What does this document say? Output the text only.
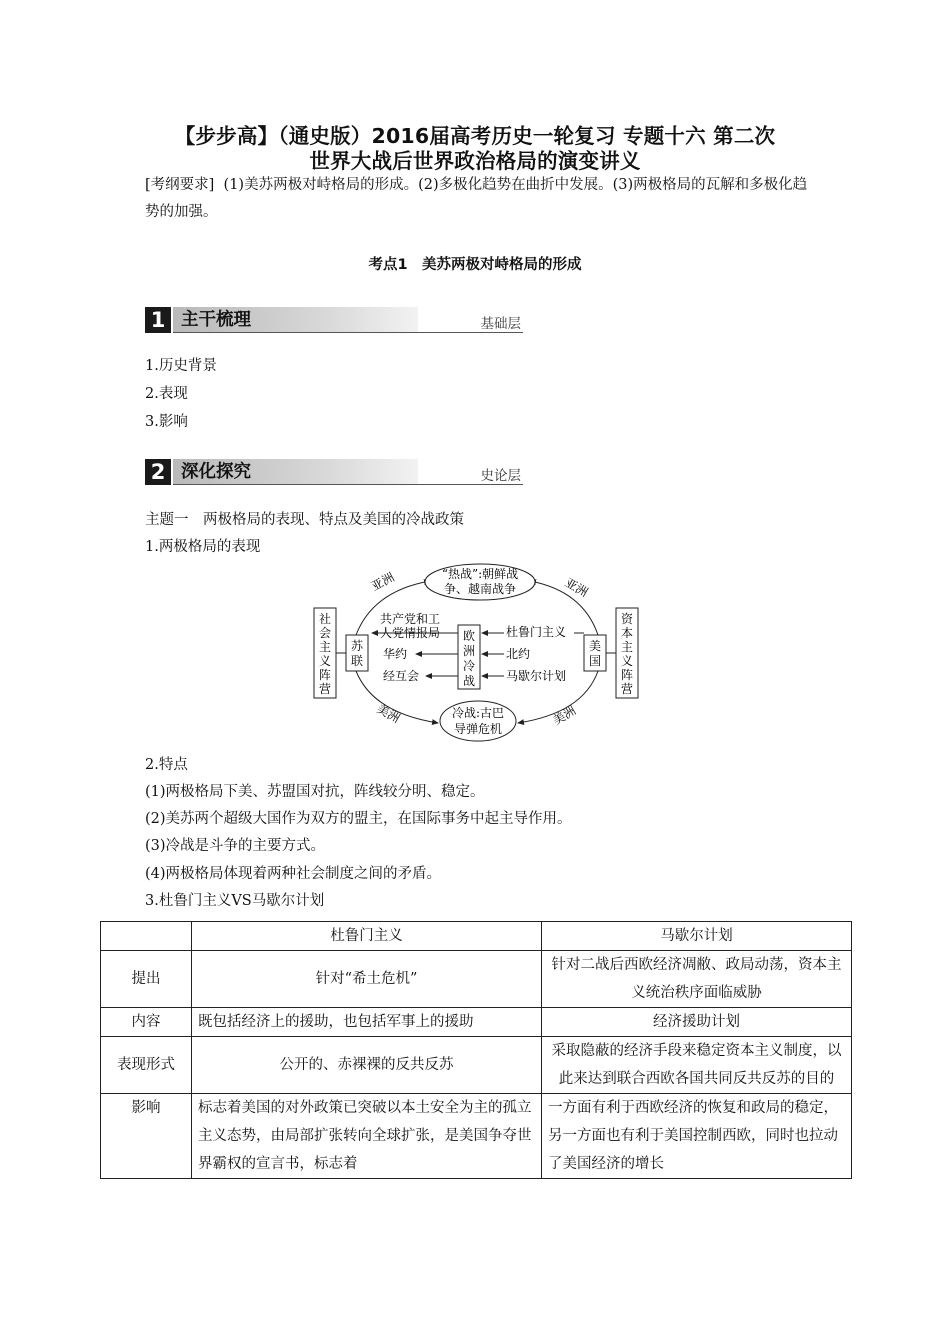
【步步高】（通史版）2016届高考历史一轮复习 专题十六 第二次
世界大战后世界政治格局的演变讲义
[考纲要求] (1)美苏两极对峙格局的形成。(2)多极化趋势在曲折中发展。(3)两极格局的瓦解和多极化趋势的加强。
考点1　美苏两极对峙格局的形成
1 主干梳理	基础层
1.历史背景
2.表现
3.影响
2 深化探究	史论层
主题一　两极格局的表现、特点及美国的冷战政策
1.两极格局的表现
“热战”:朝鲜战
争、越南战争
冷战:古巴
导弹危机
亚洲	亚洲
美洲	美洲
社
会
主
义
阵
营
资
本
主
义
阵
营
苏
联
美
国
欧
洲
冷
战
共产党和工
人党情报局
华约
经互会
杜鲁门主义
北约
马歇尔计划
2.特点
(1)两极格局下美、苏盟国对抗，阵线较分明、稳定。
(2)美苏两个超级大国作为双方的盟主，在国际事务中起主导作用。
(3)冷战是斗争的主要方式。
(4)两极格局体现着两种社会制度之间的矛盾。
3.杜鲁门主义VS马歇尔计划
	杜鲁门主义	马歇尔计划
提出	针对“希土危机”	针对二战后西欧经济凋敝、政局动荡，资本主义统治秩序面临威胁
内容	既包括经济上的援助，也包括军事上的援助	经济援助计划
表现形式	公开的、赤裸裸的反共反苏	采取隐蔽的经济手段来稳定资本主义制度，以此来达到联合西欧各国共同反共反苏的目的
影响	标志着美国的对外政策已突破以本土安全为主的孤立主义态势，由局部扩张转向全球扩张，是美国争夺世界霸权的宣言书，标志着	一方面有利于西欧经济的恢复和政局的稳定，另一方面也有利于美国控制西欧，同时也拉动了美国经济的增长
